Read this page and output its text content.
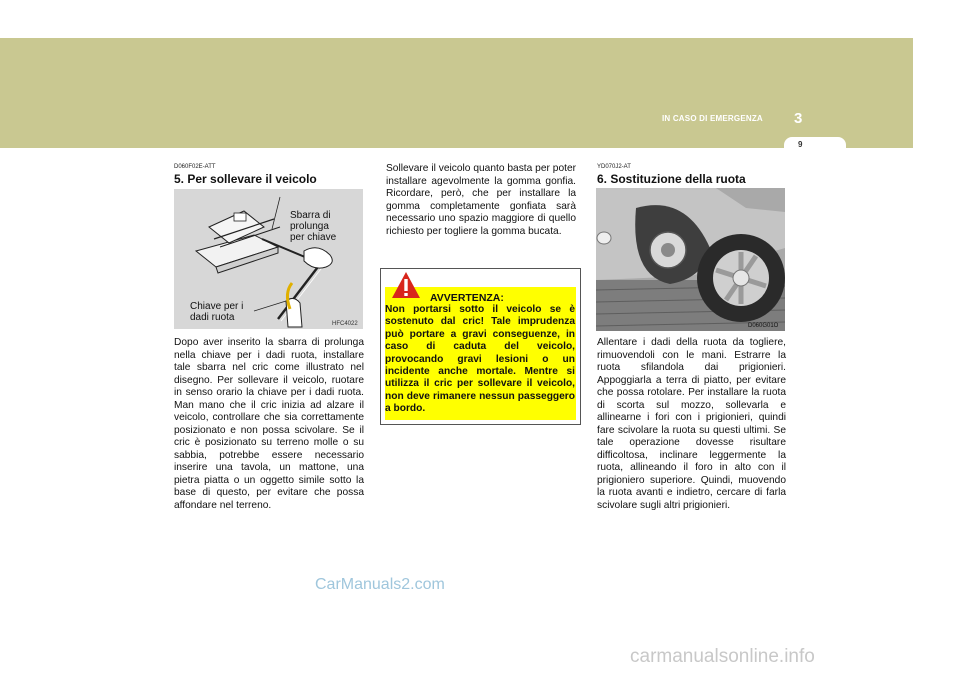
IN CASO DI EMERGENZA 3
9
D060F02E-ATT
5. Per sollevare il veicolo
Sbarra di
prolunga
per chiave
Chiave per i
dadi ruota
HFC4022
Dopo aver inserito la sbarra di prolunga nella chiave per i dadi ruota, installare tale sbarra nel cric come illustrato nel disegno. Per sollevare il veicolo, ruotare in senso orario la chiave per i dadi ruota. Man mano che il cric inizia ad alzare il veicolo, controllare che sia correttamente posizionato e non possa scivolare. Se il cric è posizionato su terreno molle o su sabbia, potrebbe essere necessario inserire una tavola, un mattone, una pietra piatta o un oggetto simile sotto la base di questo, per evitare che possa affondare nel terreno.
Sollevare il veicolo quanto basta per poter installare agevolmente la gomma gonfia. Ricordare, però, che per installare la gomma completamente gonfiata sarà necessario uno spazio maggiore di quello richiesto per togliere la gomma bucata.
AVVERTENZA:
Non portarsi sotto il veicolo se è sostenuto dal cric! Tale imprudenza può portare a gravi conseguenze, in caso di caduta del veicolo, provocando gravi lesioni o un incidente anche mortale. Mentre si utilizza il cric per sollevare il veicolo, non deve rimanere nessun passeggero a bordo.
YD070J2-AT
6. Sostituzione della ruota
D060G01O
Allentare i dadi della ruota da togliere, rimuovendoli con le mani. Estrarre la ruota sfilandola dai prigionieri. Appoggiarla a terra di piatto, per evitare che possa rotolare. Per installare la ruota di scorta sul mozzo, sollevarla e allinearne i fori con i prigionieri, quindi fare scivolare la ruota su questi ultimi. Se tale operazione dovesse risultare difficoltosa, inclinare leggermente la ruota, allineando il foro in alto con il prigioniero superiore. Quindi, muovendo la ruota avanti e indietro, cercare di farla scivolare sugli altri prigionieri.
CarManuals2.com
carmanualsonline.info
